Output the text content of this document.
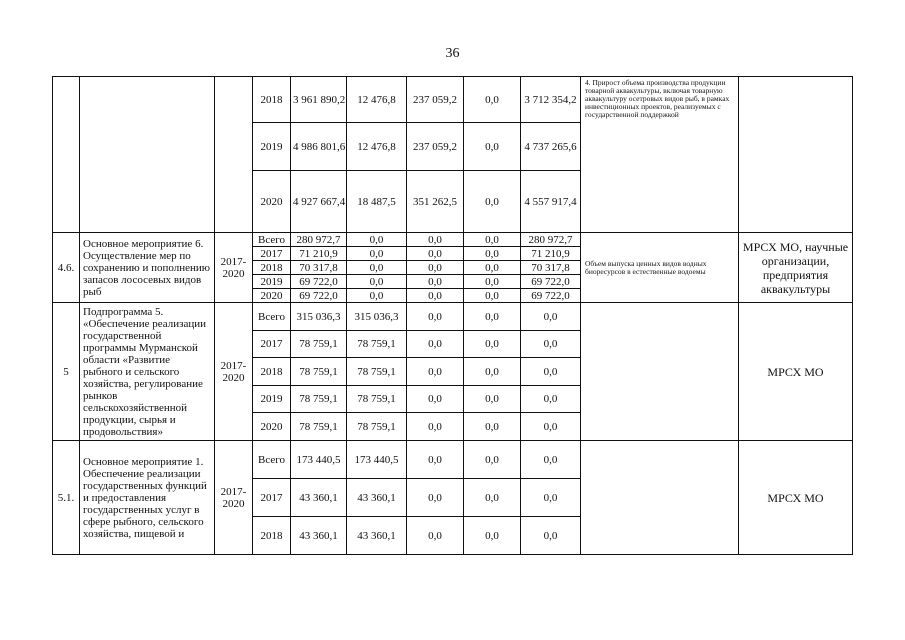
36
			2018	3 961 890,2	12 476,8	237 059,2	0,0	3 712 354,2	4. Прирост объема производства продукции товарной аквакультуры, включая товарную аквакультуру осетровых видов рыб, в рамках инвестиционных проектов, реализуемых с государственной поддержкой	
			2019	4 986 801,6	12 476,8	237 059,2	0,0	4 737 265,6		
			2020	4 927 667,4	18 487,5	351 262,5	0,0	4 557 917,4		
4.6.	Основное мероприятие 6. Осуществление мер по сохранению и пополнению запасов лососевых видов рыб	2017-2020	Всего	280 972,7	0,0	0,0	0,0	280 972,7	Объем выпуска ценных видов водных биоресурсов в естественные водоемы	МРСХ МО, научные организации, предприятия аквакультуры
			2017	71 210,9	0,0	0,0	0,0	71 210,9		
			2018	70 317,8	0,0	0,0	0,0	70 317,8		
			2019	69 722,0	0,0	0,0	0,0	69 722,0		
			2020	69 722,0	0,0	0,0	0,0	69 722,0		
5	Подпрограмма 5. «Обеспечение реализации государственной программы Мурманской области «Развитие рыбного и сельского хозяйства, регулирование рынков сельскохозяйственной продукции, сырья и продовольствия»	2017-2020	Всего	315 036,3	315 036,3	0,0	0,0	0,0		МРСХ МО
			2017	78 759,1	78 759,1	0,0	0,0	0,0		
			2018	78 759,1	78 759,1	0,0	0,0	0,0		
			2019	78 759,1	78 759,1	0,0	0,0	0,0		
			2020	78 759,1	78 759,1	0,0	0,0	0,0		
5.1.	Основное мероприятие 1. Обеспечение реализации государственных функций и предоставления государственных услуг в сфере рыбного, сельского хозяйства, пищевой и	2017-2020	Всего	173 440,5	173 440,5	0,0	0,0	0,0		МРСХ МО
			2017	43 360,1	43 360,1	0,0	0,0	0,0		
			2018	43 360,1	43 360,1	0,0	0,0	0,0		
